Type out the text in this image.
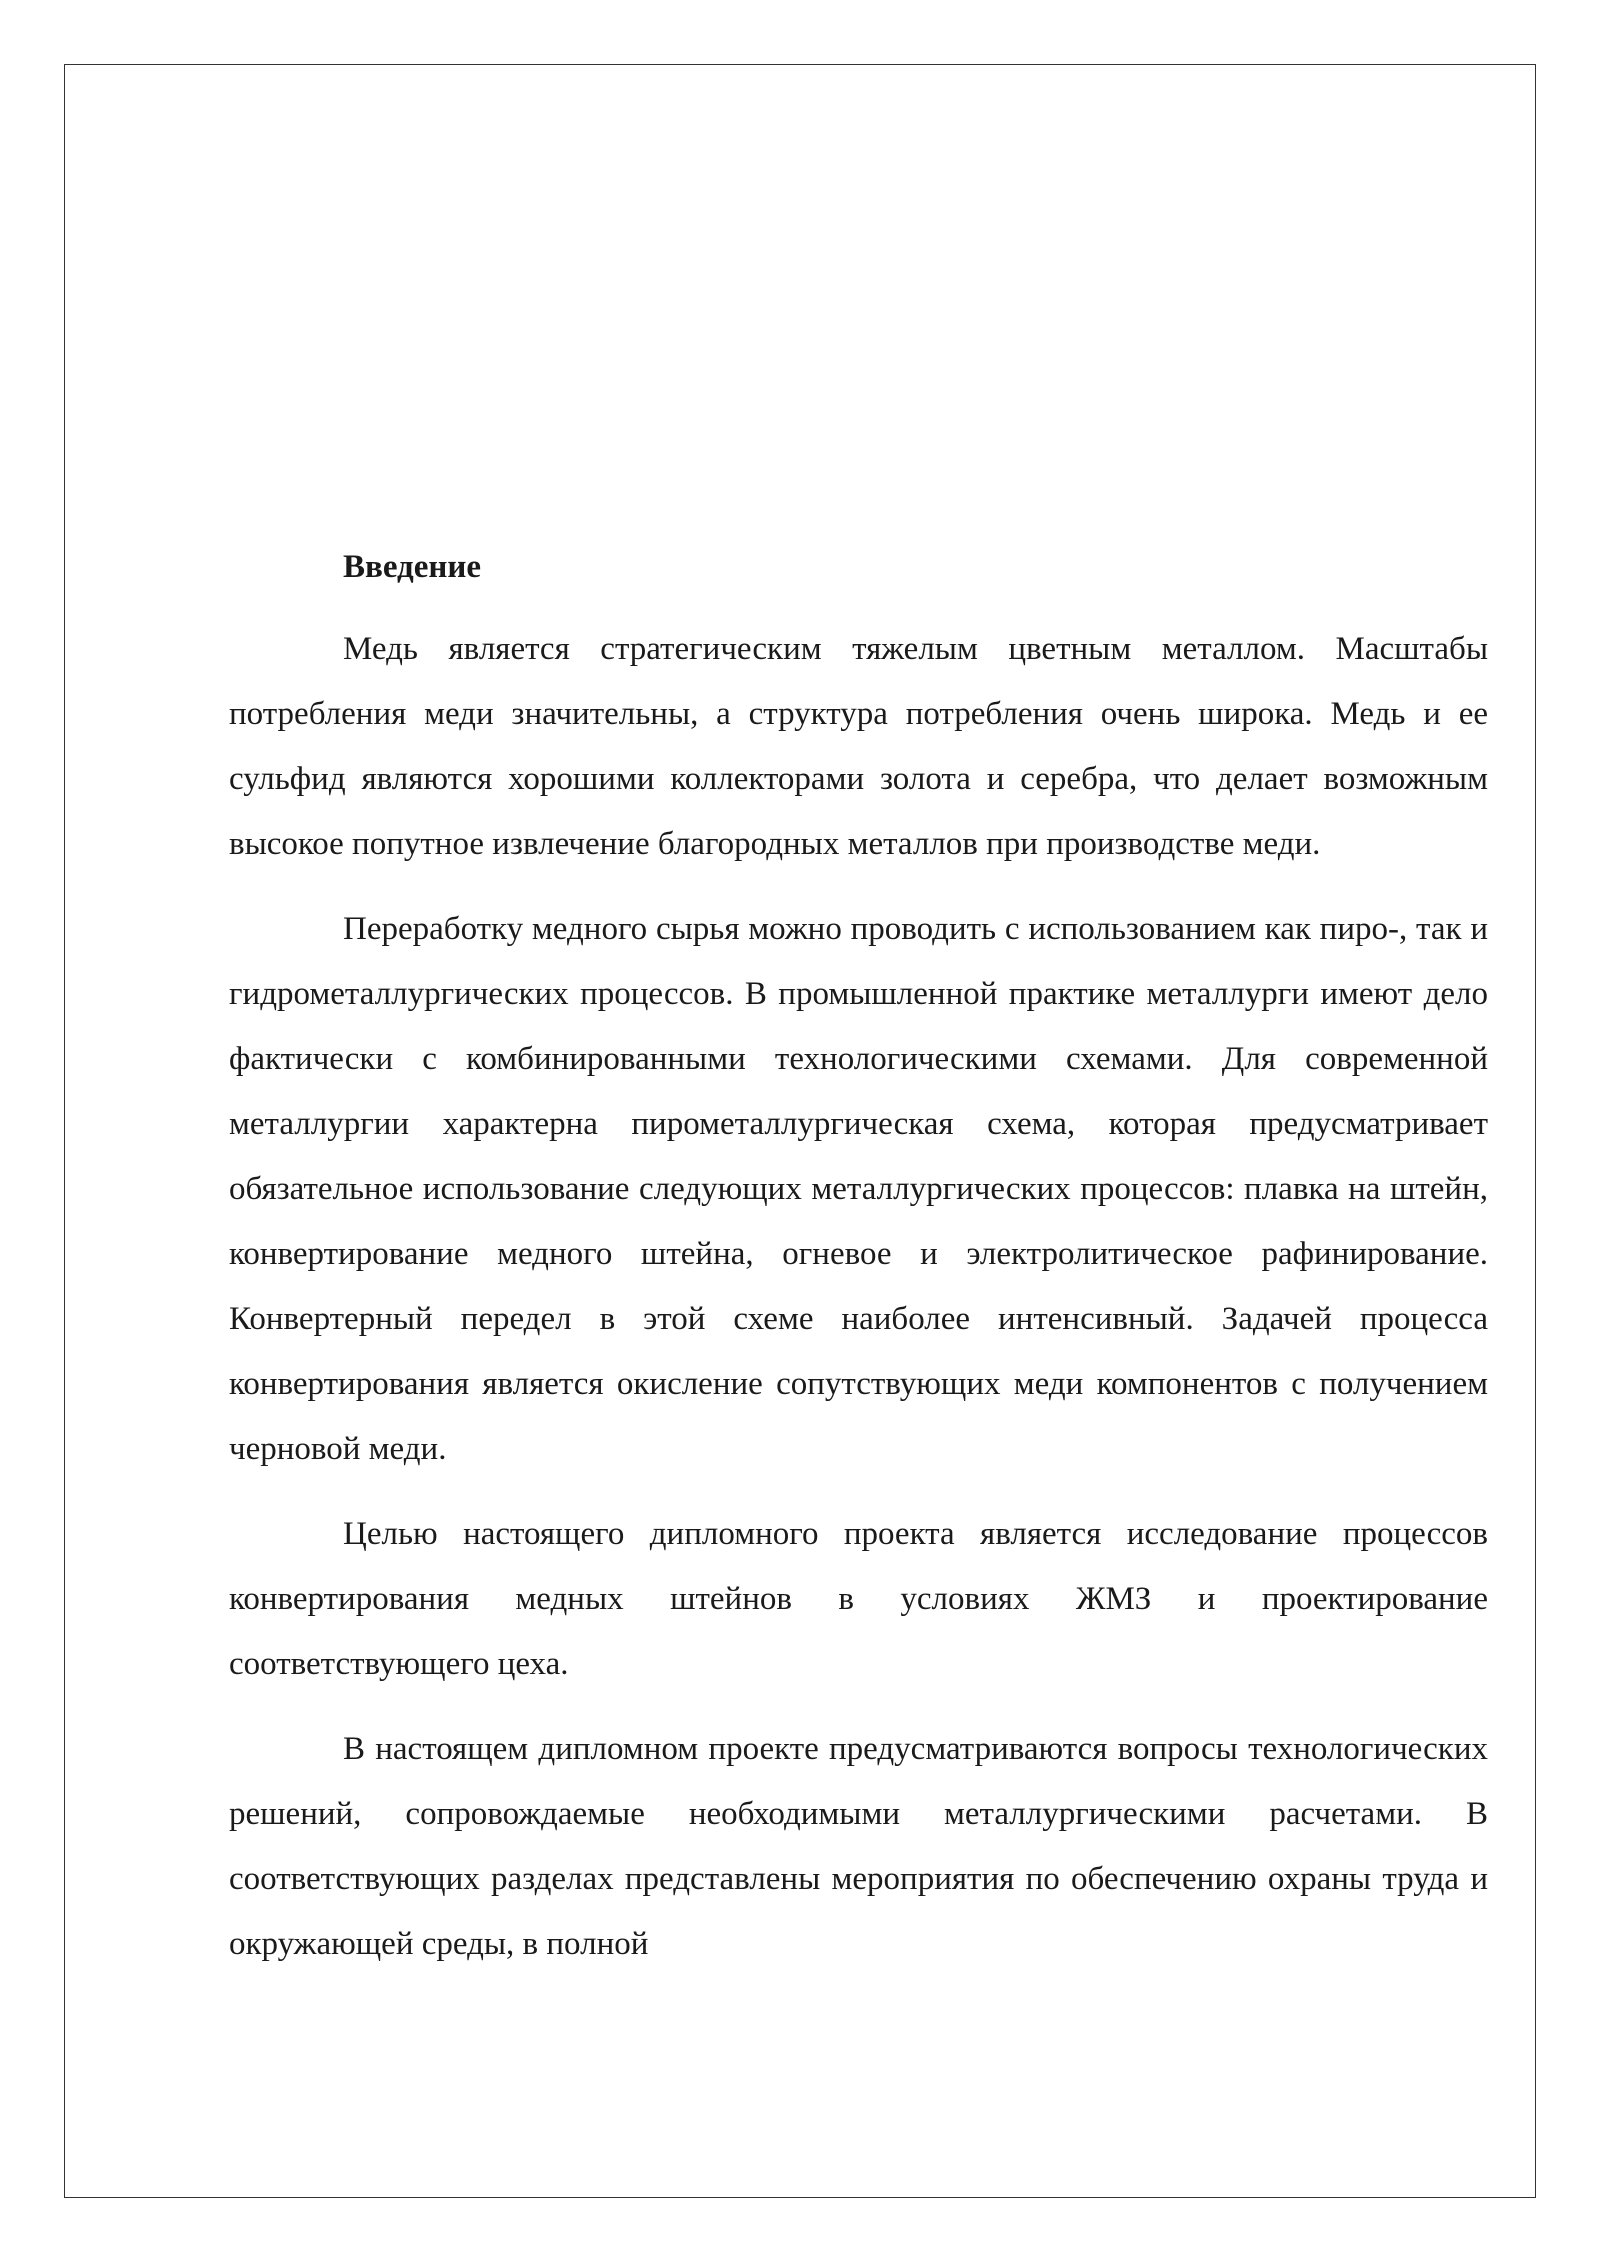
Введение

Медь является стратегическим тяжелым цветным металлом. Масштабы потребления меди значительны, а структура потребления очень широка. Медь и ее сульфид являются хорошими коллекторами золота и серебра, что делает возможным высокое попутное извлечение благородных металлов при производстве меди.

Переработку медного сырья можно проводить с использованием как пиро-, так и гидрометаллургических процессов. В промышленной практике металлурги имеют дело фактически с комбинированными технологическими схемами. Для современной металлургии характерна пирометаллургическая схема, которая предусматривает обязательное использование следующих металлургических процессов: плавка на штейн, конвертирование медного штейна, огневое и электролитическое рафинирование. Конвертерный передел в этой схеме наиболее интенсивный. Задачей процесса конвертирования является окисление сопутствующих меди компонентов с получением черновой меди.

Целью настоящего дипломного проекта является исследование процессов конвертирования медных штейнов в условиях ЖМЗ и проектирование соответствующего цеха.

В настоящем дипломном проекте предусматриваются вопросы технологических решений, сопровождаемые необходимыми металлургическими расчетами. В соответствующих разделах представлены мероприятия по обеспечению охраны труда и окружающей среды, в полной
